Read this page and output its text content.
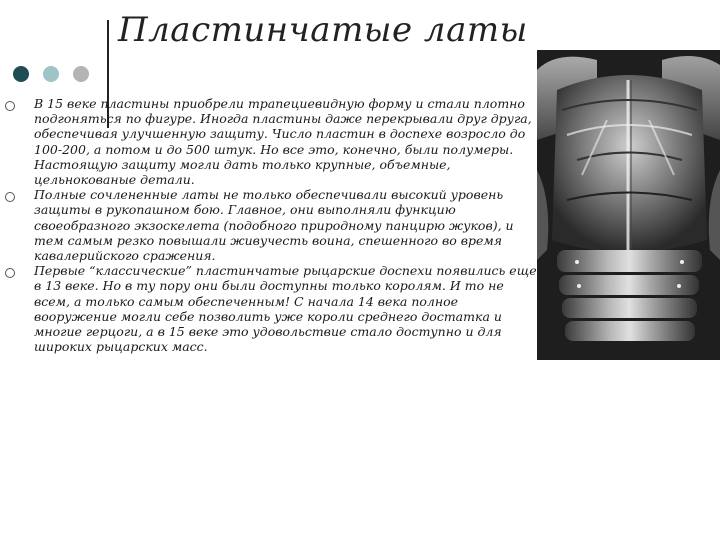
Пластинчатые латы
В 15 веке пластины приобрели трапециевидную форму и стали плотно подгоняться по фигуре. Иногда пластины даже перекрывали друг друга, обеспечивая улучшенную защиту. Число пластин в доспехе возросло до 100-200, а потом и до 500 штук. Но все это, конечно, были полумеры. Настоящую защиту могли дать только крупные, объемные, цельнокованые детали.
Полные сочлененные латы не только обеспечивали высокий уровень защиты в рукопашном бою. Главное, они выполняли функцию своеобразного экзоскелета (подобного природному панцирю жуков), и тем самым резко повышали живучесть воина, спешенного во время кавалерийского сражения.
Первые “классические” пластинчатые рыцарские доспехи появились еще в 13 веке. Но в ту пору они были доступны только королям. И то не всем, а только самым обеспеченным! С начала 14 века полное вооружение могли себе позволить уже короли среднего достатка и многие герцоги, а в 15 веке это удовольствие стало доступно и для широких рыцарских масс.
